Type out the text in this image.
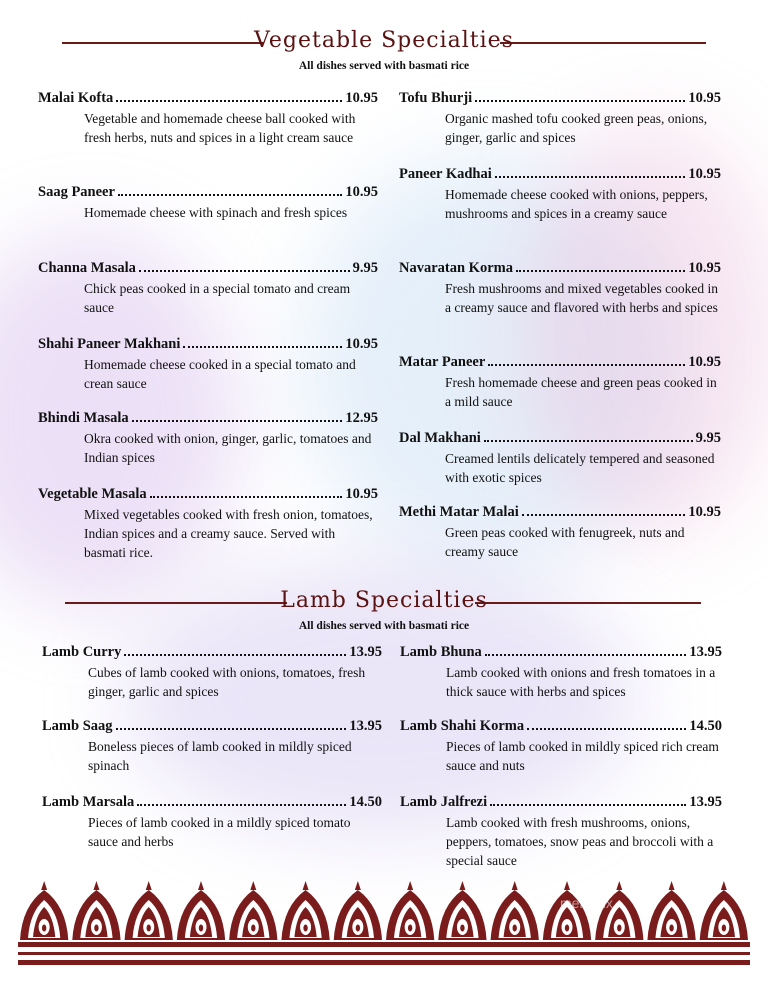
Vegetable Specialties
All dishes served with basmati rice
Malai Kofta	10.95
Vegetable and homemade cheese ball cooked with fresh herbs, nuts and spices in a light cream sauce
Saag Paneer	10.95
Homemade cheese with spinach and fresh spices
Channa Masala	9.95
Chick peas cooked in a special tomato and cream sauce
Shahi Paneer Makhani	10.95
Homemade cheese cooked in a special tomato and crean sauce
Bhindi Masala	12.95
Okra cooked with onion, ginger, garlic, tomatoes and Indian spices
Vegetable Masala	10.95
Mixed vegetables cooked with fresh onion, tomatoes, Indian spices and a creamy sauce. Served with basmati rice.
Tofu Bhurji	10.95
Organic mashed tofu cooked green peas, onions, ginger, garlic and spices
Paneer Kadhai	10.95
Homemade cheese cooked with onions, peppers, mushrooms and spices in a creamy sauce
Navaratan Korma	10.95
Fresh mushrooms and mixed vegetables cooked in a creamy sauce and flavored with herbs and spices
Matar Paneer	10.95
Fresh homemade cheese and green peas cooked in a mild sauce
Dal Makhani	9.95
Creamed lentils delicately tempered and seasoned with exotic spices
Methi Matar Malai	10.95
Green peas cooked with fenugreek, nuts and creamy sauce
Lamb Specialties
All dishes served with basmati rice
Lamb Curry	13.95
Cubes of lamb cooked with onions, tomatoes, fresh ginger, garlic and spices
Lamb Saag	13.95
Boneless pieces of lamb cooked in mildly spiced spinach
Lamb Marsala	14.50
Pieces of lamb cooked in a mildly spiced tomato sauce and herbs
Lamb Bhuna	13.95
Lamb cooked with onions and fresh tomatoes in a thick sauce with herbs and spices
Lamb Shahi Korma	14.50
Pieces of lamb cooked in mildly spiced rich cream sauce and nuts
Lamb Jalfrezi	13.95
Lamb cooked with fresh mushrooms, onions, peppers, tomatoes, snow peas and broccoli with a special sauce
menupix
